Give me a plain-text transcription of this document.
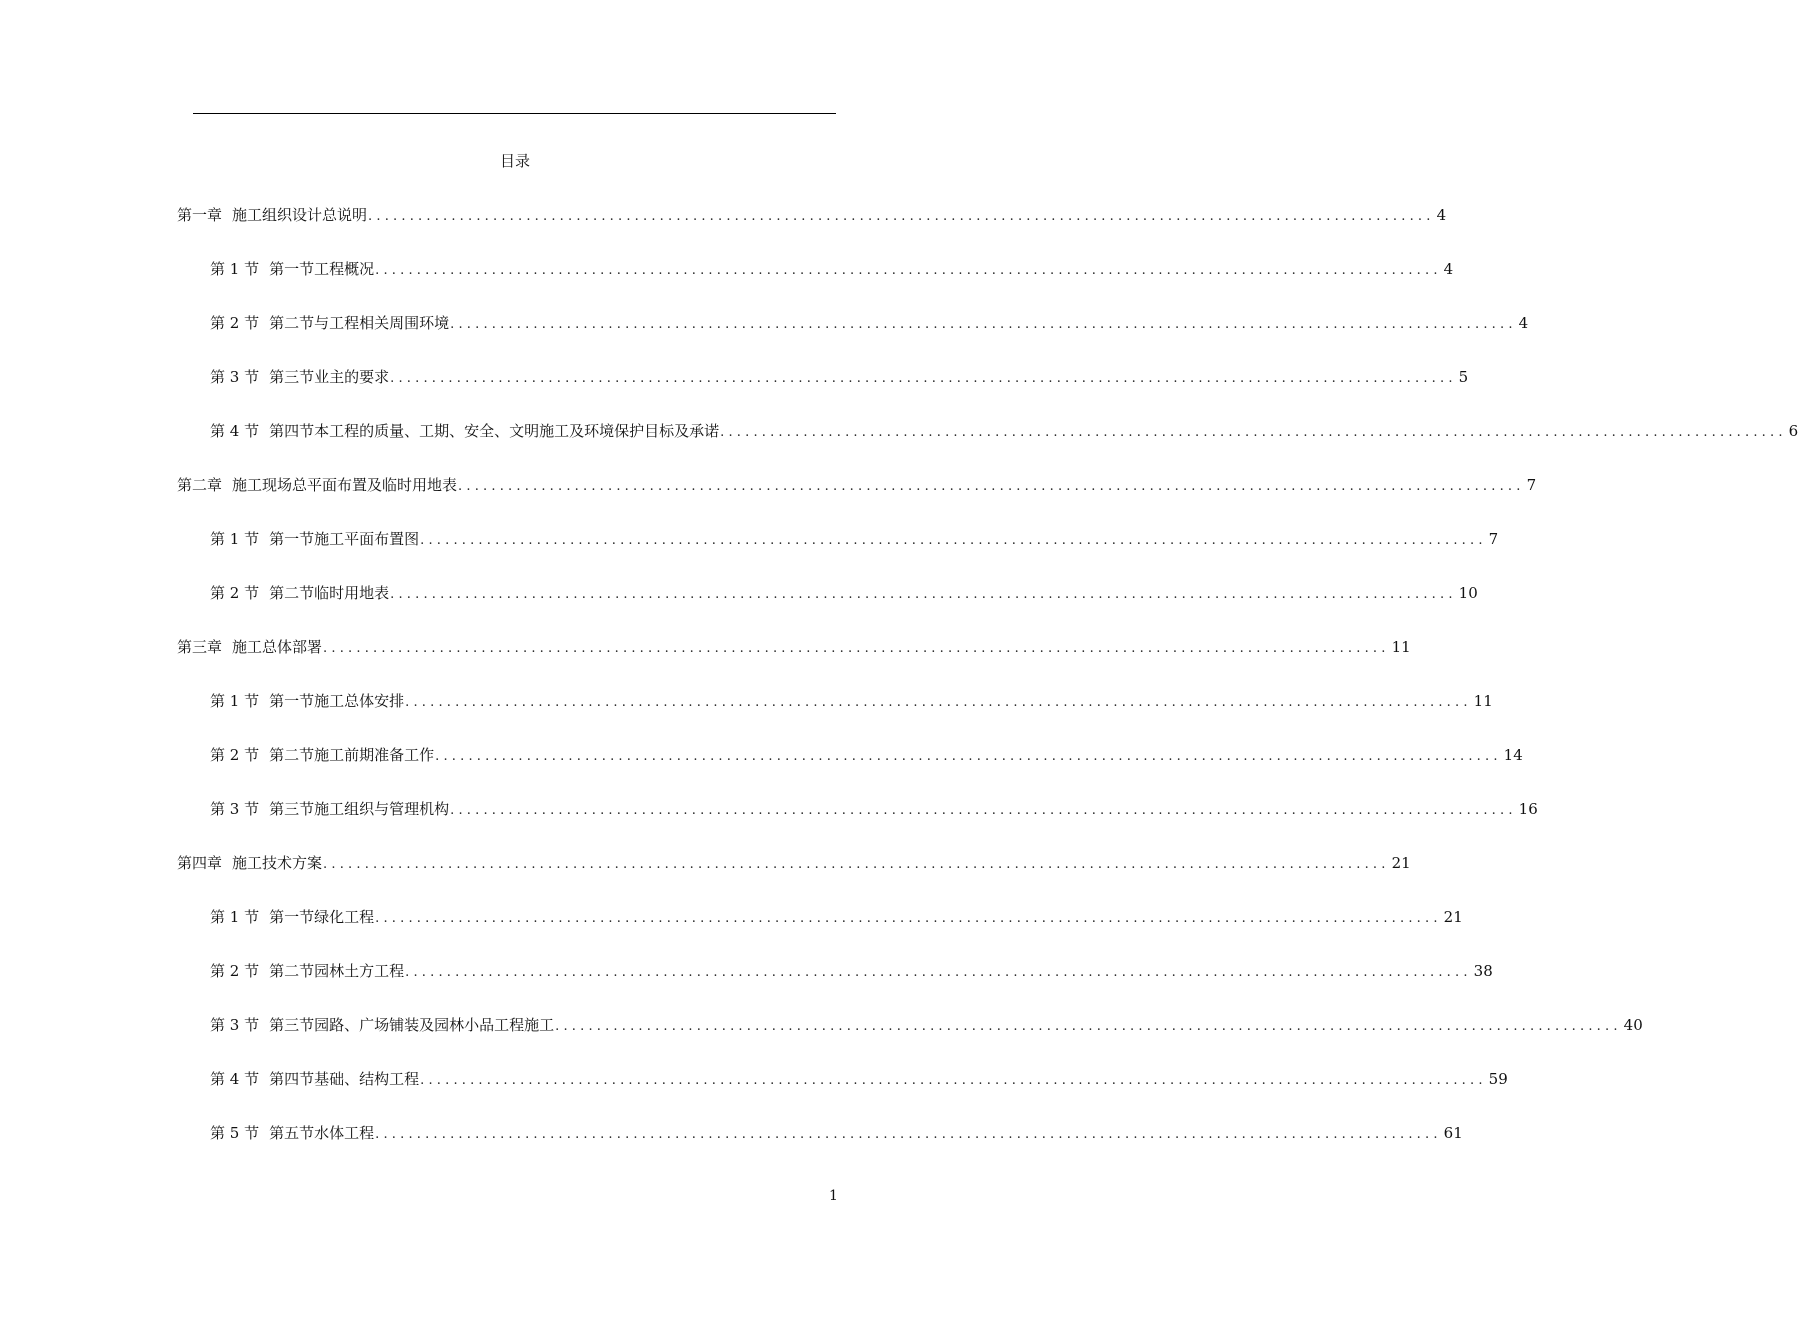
目录
第一章 施工组织设计总说明 ................................................................................................................................ 4
第 1 节 第一节工程概况 ................................................................................................................................ 4
第 2 节 第二节与工程相关周围环境 ................................................................................................................................ 4
第 3 节 第三节业主的要求 ................................................................................................................................ 5
第 4 节 第四节本工程的质量、工期、安全、文明施工及环境保护目标及承诺 ................................................................................................................................ 6
第二章 施工现场总平面布置及临时用地表 ................................................................................................................................ 7
第 1 节 第一节施工平面布置图 ................................................................................................................................ 7
第 2 节 第二节临时用地表 ................................................................................................................................ 10
第三章 施工总体部署 ................................................................................................................................ 11
第 1 节 第一节施工总体安排 ................................................................................................................................ 11
第 2 节 第二节施工前期准备工作 ................................................................................................................................ 14
第 3 节 第三节施工组织与管理机构 ................................................................................................................................ 16
第四章 施工技术方案 ................................................................................................................................ 21
第 1 节 第一节绿化工程 ................................................................................................................................ 21
第 2 节 第二节园林土方工程 ................................................................................................................................ 38
第 3 节 第三节园路、广场铺装及园林小品工程施工 ................................................................................................................................ 40
第 4 节 第四节基础、结构工程 ................................................................................................................................ 59
第 5 节 第五节水体工程 ................................................................................................................................ 61
1
